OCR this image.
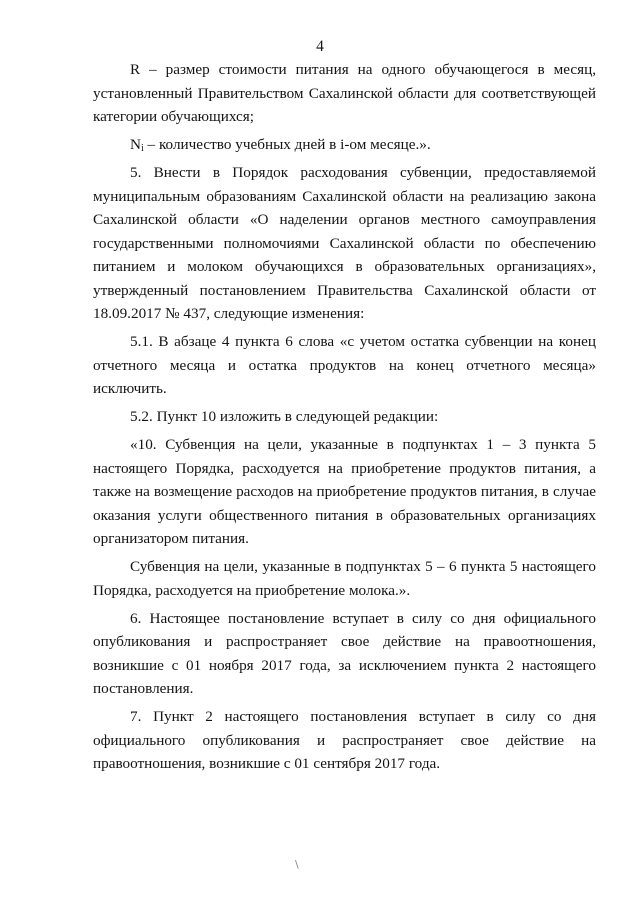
4

R – размер стоимости питания на одного обучающегося в месяц, установленный Правительством Сахалинской области для соответствующей категории обучающихся;

$N_i$ – количество учебных дней в i-ом месяце.».

5. Внести в Порядок расходования субвенции, предоставляемой муниципальным образованиям Сахалинской области на реализацию закона Сахалинской области «О наделении органов местного самоуправления государственными полномочиями Сахалинской области по обеспечению питанием и молоком обучающихся в образовательных организациях», утвержденный постановлением Правительства Сахалинской области от 18.09.2017 № 437, следующие изменения:

5.1. В абзаце 4 пункта 6 слова «с учетом остатка субвенции на конец отчетного месяца и остатка продуктов на конец отчетного месяца» исключить.

5.2. Пункт 10 изложить в следующей редакции:

«10. Субвенция на цели, указанные в подпунктах 1 – 3 пункта 5 настоящего Порядка, расходуется на приобретение продуктов питания, а также на возмещение расходов на приобретение продуктов питания, в случае оказания услуги общественного питания в образовательных организациях организатором питания.

Субвенция на цели, указанные в подпунктах 5 – 6 пункта 5 настоящего Порядка, расходуется на приобретение молока.».

6. Настоящее постановление вступает в силу со дня официального опубликования и распространяет свое действие на правоотношения, возникшие с 01 ноября 2017 года, за исключением пункта 2 настоящего постановления.

7. Пункт 2 настоящего постановления вступает в силу со дня официального опубликования и распространяет свое действие на правоотношения, возникшие с 01 сентября 2017 года.

\
